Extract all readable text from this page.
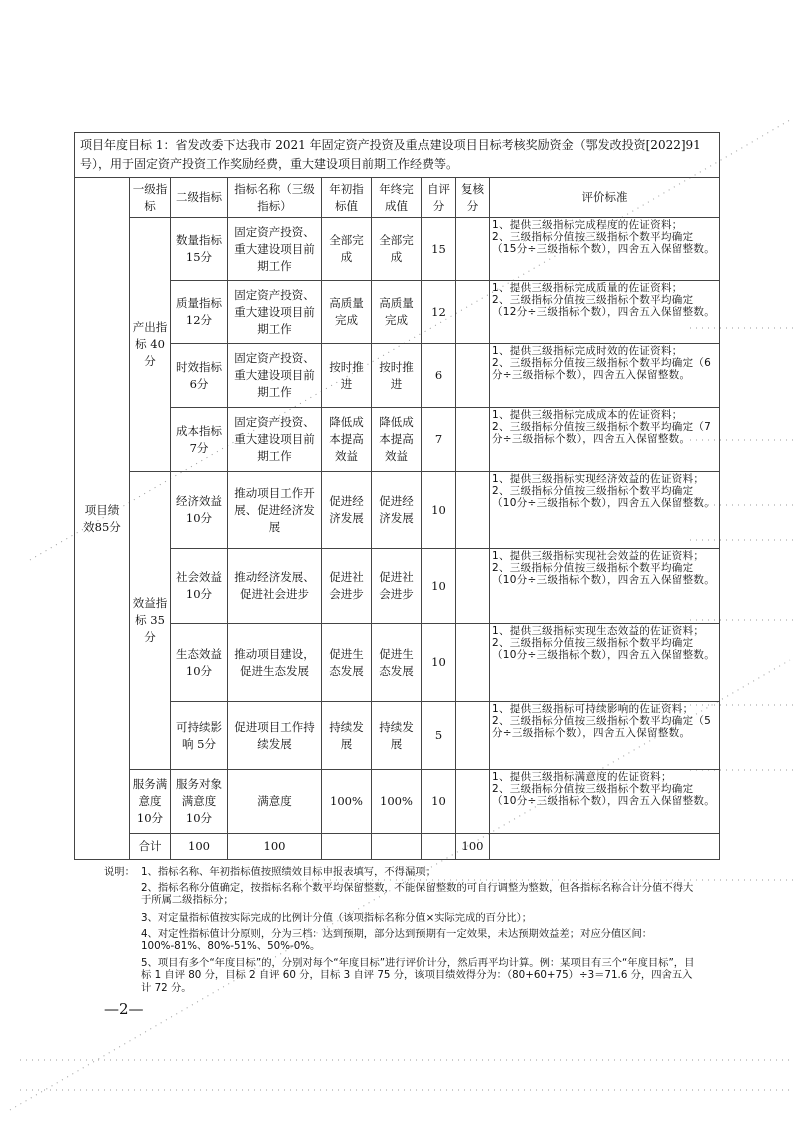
项目年度目标 1：省发改委下达我市 2021 年固定资产投资及重点建设项目目标考核奖励资金（鄂发改投资[2022]91 号），用于固定资产投资工作奖励经费，重大建设项目前期工作经费等。									
项目绩效85分	一级指标	二级指标	指标名称（三级指标）	年初指标值	年终完成值	自评分	复核分	评价标准	
	产出指标 40分	数量指标 15分	固定资产投资、重大建设项目前期工作	全部完成	全部完成	15		1、提供三级指标完成程度的佐证资料；
2、三级指标分值按三级指标个数平均确定（15分÷三级指标个数），四舍五入保留整数。	
		质量指标 12分	固定资产投资、重大建设项目前期工作	高质量完成	高质量完成	12		1、提供三级指标完成质量的佐证资料；
2、三级指标分值按三级指标个数平均确定（12分÷三级指标个数），四舍五入保留整数。	
		时效指标 6分	固定资产投资、重大建设项目前期工作	按时推进	按时推进	6		1、提供三级指标完成时效的佐证资料；
2、三级指标分值按三级指标个数平均确定（6分÷三级指标个数），四舍五入保留整数。	
		成本指标 7分	固定资产投资、重大建设项目前期工作	降低成本提高效益	降低成本提高效益	7		1、提供三级指标完成成本的佐证资料；
2、三级指标分值按三级指标个数平均确定（7分÷三级指标个数），四舍五入保留整数。	
	效益指标 35分	经济效益 10分	推动项目工作开展、促进经济发展	促进经济发展	促进经济发展	10		1、提供三级指标实现经济效益的佐证资料；
2、三级指标分值按三级指标个数平均确定（10分÷三级指标个数），四舍五入保留整数。	
		社会效益 10分	推动经济发展、促进社会进步	促进社会进步	促进社会进步	10		1、提供三级指标实现社会效益的佐证资料；
2、三级指标分值按三级指标个数平均确定（10分÷三级指标个数），四舍五入保留整数。	
		生态效益 10分	推动项目建设，促进生态发展	促进生态发展	促进生态发展	10		1、提供三级指标实现生态效益的佐证资料；
2、三级指标分值按三级指标个数平均确定（10分÷三级指标个数），四舍五入保留整数。	
		可持续影响 5分	促进项目工作持续发展	持续发展	持续发展	5		1、提供三级指标可持续影响的佐证资料；
2、三级指标分值按三级指标个数平均确定（5分÷三级指标个数），四舍五入保留整数。	
	服务满意度 10分	服务对象满意度 10分	满意度	100%	100%	10		1、提供三级指标满意度的佐证资料；
2、三级指标分值按三级指标个数平均确定（10分÷三级指标个数），四舍五入保留整数。	
	合计	100	100				100		
说明： 1、指标名称、年初指标值按照绩效目标申报表填写，不得漏项；
2、指标名称分值确定，按指标名称个数平均保留整数，不能保留整数的可自行调整为整数，但各指标名称合计分值不得大于所属二级指标分；
3、对定量指标值按实际完成的比例计分值（该项指标名称分值×实际完成的百分比）；
4、对定性指标值计分原则，分为三档：达到预期，部分达到预期有一定效果，未达预期效益差；对应分值区间：100%-81%、80%-51%、50%-0%。
5、项目有多个“年度目标”的，分别对每个“年度目标”进行评价计分，然后再平均计算。例：某项目有三个“年度目标”，目标 1 自评 80 分，目标 2 自评 60 分，目标 3 自评 75 分，该项目绩效得分为：（80+60+75）÷3＝71.6 分，四舍五入计 72 分。
—2—
